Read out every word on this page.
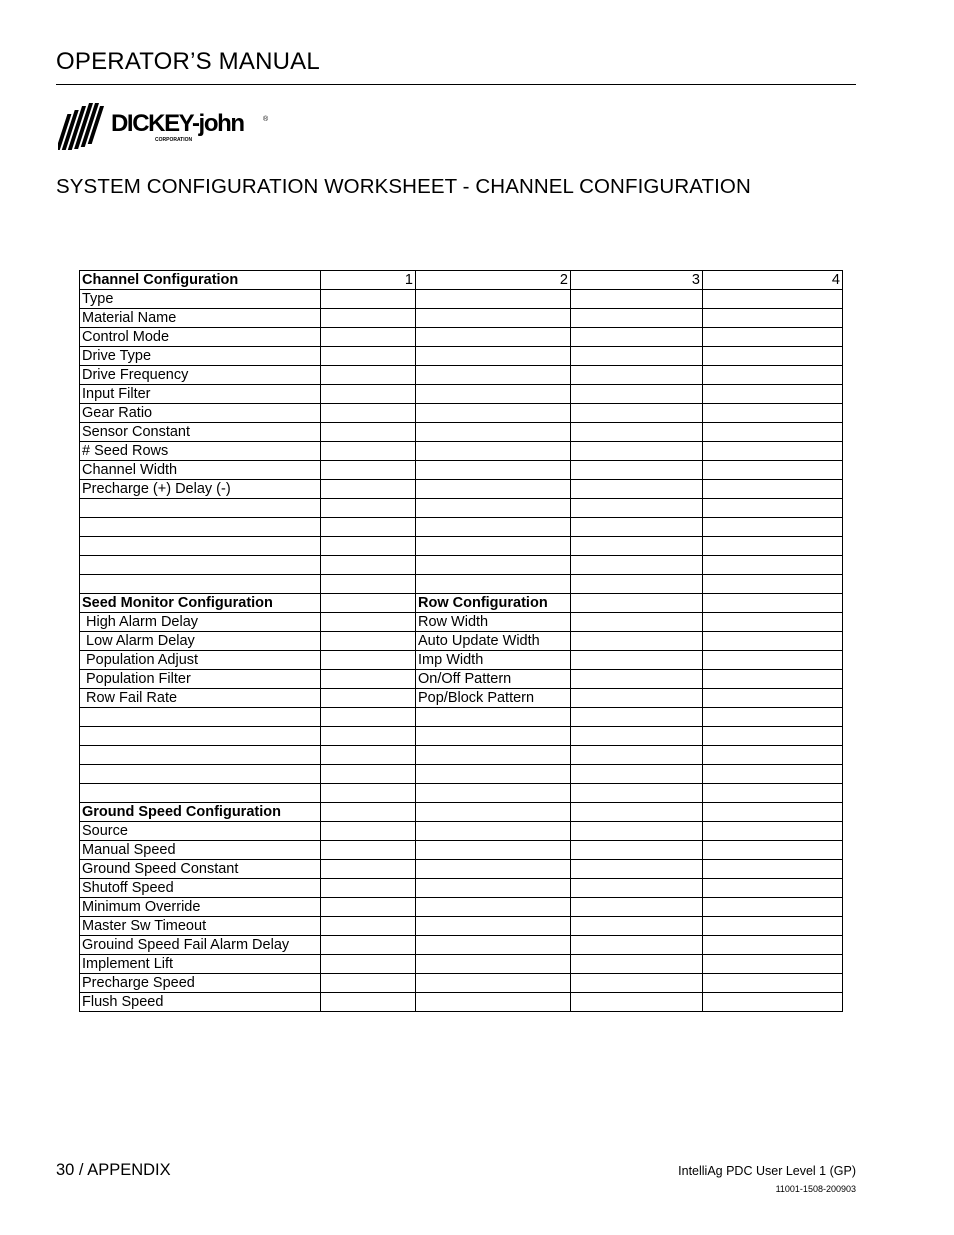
OPERATOR’S MANUAL
DICKEY-john	®
CORPORATION
SYSTEM CONFIGURATION WORKSHEET - CHANNEL CONFIGURATION
Channel Configuration	1	2	3	4
Type				
Material Name				
Control Mode				
Drive Type				
Drive Frequency				
Input Filter				
Gear Ratio				
Sensor Constant				
# Seed Rows				
Channel Width				
Precharge (+) Delay (-)				

Seed Monitor Configuration		Row Configuration		
High Alarm Delay		Row Width		
Low Alarm Delay		Auto Update Width		
Population Adjust		Imp Width		
Population Filter		On/Off Pattern		
Row Fail Rate		Pop/Block Pattern		

Ground Speed Configuration				
Source				
Manual Speed				
Ground Speed Constant				
Shutoff Speed				
Minimum Override				
Master Sw Timeout				
Grouind Speed Fail Alarm Delay				
Implement Lift				
Precharge Speed				
Flush Speed				
30 / APPENDIX	IntelliAg PDC User Level 1 (GP)
11001-1508-200903
